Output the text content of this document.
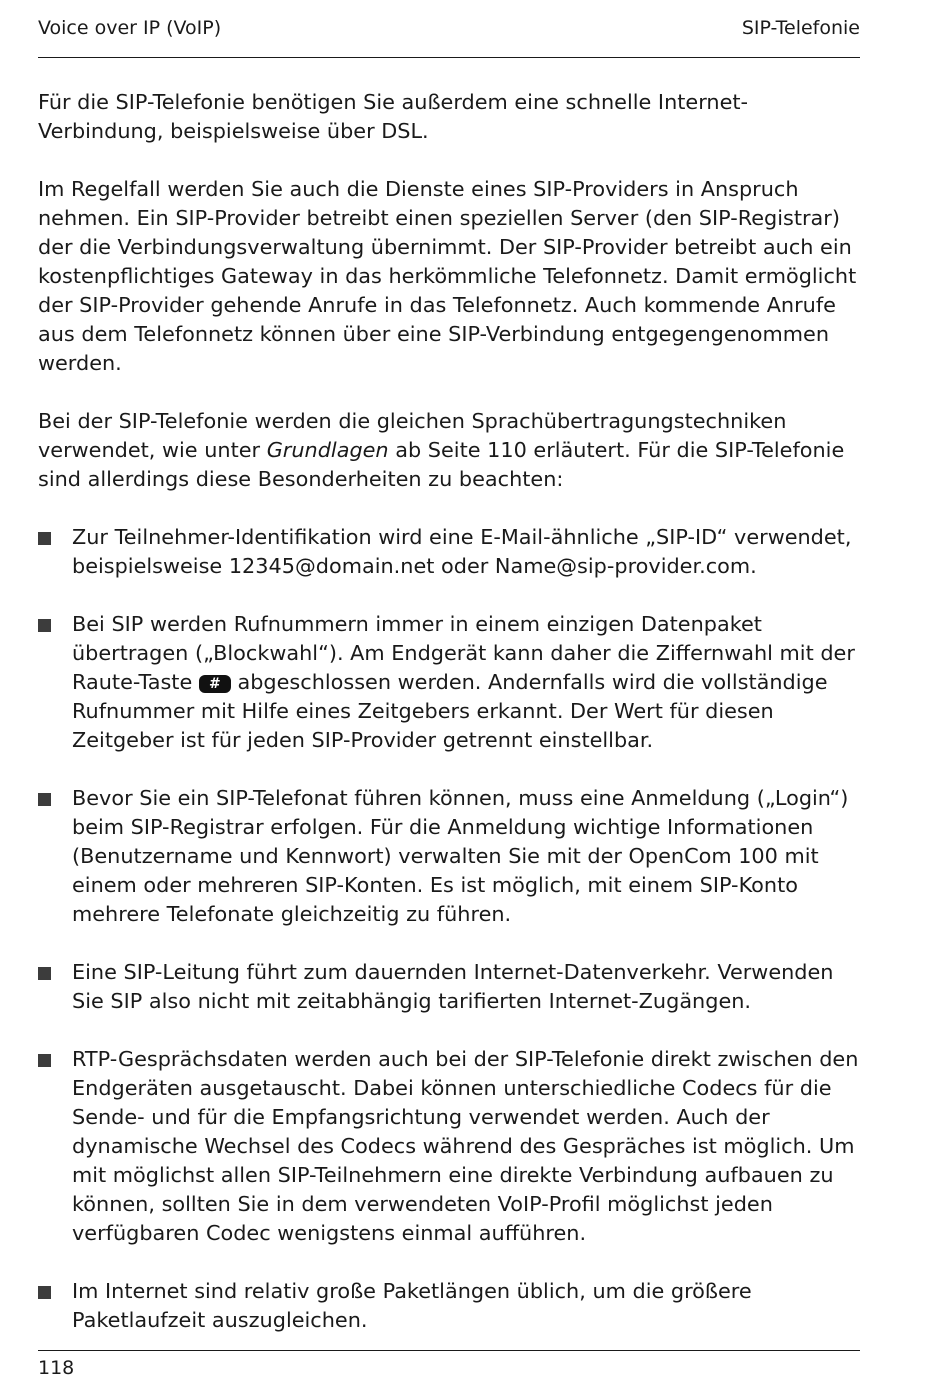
Voice over IP (VoIP)	SIP-Telefonie

Für die SIP-Telefonie benötigen Sie außerdem eine schnelle Internet-Verbindung, beispielsweise über DSL.

Im Regelfall werden Sie auch die Dienste eines SIP-Providers in Anspruch nehmen. Ein SIP-Provider betreibt einen speziellen Server (den SIP-Registrar) der die Verbindungsverwaltung übernimmt. Der SIP-Provider betreibt auch ein kostenpflichtiges Gateway in das herkömmliche Telefonnetz. Damit ermöglicht der SIP-Provider gehende Anrufe in das Telefonnetz. Auch kommende Anrufe aus dem Telefonnetz können über eine SIP-Verbindung entgegengenommen werden.

Bei der SIP-Telefonie werden die gleichen Sprachübertragungstechniken verwendet, wie unter Grundlagen ab Seite 110 erläutert. Für die SIP-Telefonie sind allerdings diese Besonderheiten zu beachten:

Zur Teilnehmer-Identifikation wird eine E-Mail-ähnliche „SIP-ID“ verwendet, beispielsweise 12345@domain.net oder Name@sip-provider.com.
Bei SIP werden Rufnummern immer in einem einzigen Datenpaket übertragen („Blockwahl“). Am Endgerät kann daher die Ziffernwahl mit der Raute-Taste # abgeschlossen werden. Andernfalls wird die vollständige Rufnummer mit Hilfe eines Zeitgebers erkannt. Der Wert für diesen Zeitgeber ist für jeden SIP-Provider getrennt einstellbar.
Bevor Sie ein SIP-Telefonat führen können, muss eine Anmeldung („Login“) beim SIP-Registrar erfolgen. Für die Anmeldung wichtige Informationen (Benutzername und Kennwort) verwalten Sie mit der OpenCom 100 mit einem oder mehreren SIP-Konten. Es ist möglich, mit einem SIP-Konto mehrere Telefonate gleichzeitig zu führen.
Eine SIP-Leitung führt zum dauernden Internet-Datenverkehr. Verwenden Sie SIP also nicht mit zeitabhängig tarifierten Internet-Zugängen.
RTP-Gesprächsdaten werden auch bei der SIP-Telefonie direkt zwischen den Endgeräten ausgetauscht. Dabei können unterschiedliche Codecs für die Sende- und für die Empfangsrichtung verwendet werden. Auch der dynamische Wechsel des Codecs während des Gespräches ist möglich. Um mit möglichst allen SIP-Teilnehmern eine direkte Verbindung aufbauen zu können, sollten Sie in dem verwendeten VoIP-Profil möglichst jeden verfügbaren Codec wenigstens einmal aufführen.
Im Internet sind relativ große Paketlängen üblich, um die größere Paketlaufzeit auszugleichen.
118
